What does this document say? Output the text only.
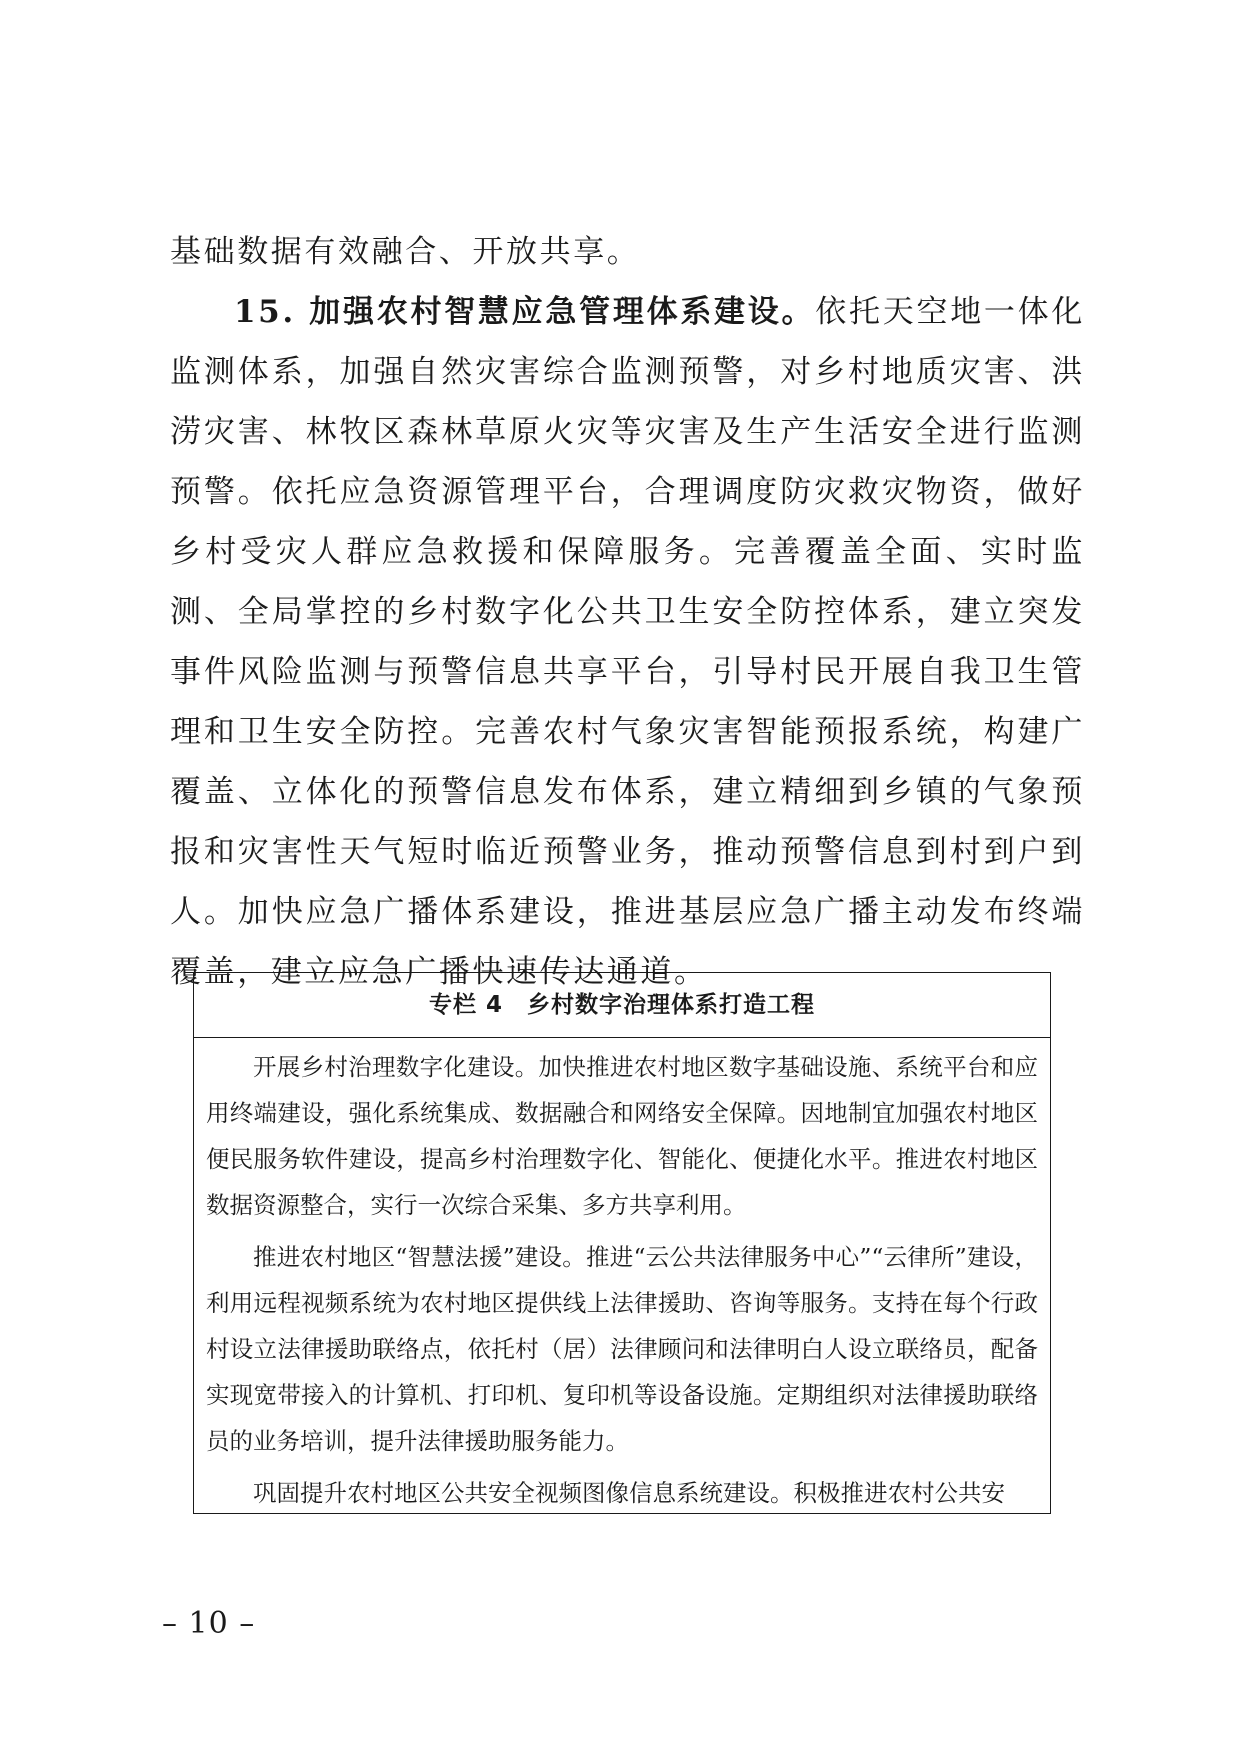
基础数据有效融合、开放共享。

15. 加强农村智慧应急管理体系建设。依托天空地一体化监测体系，加强自然灾害综合监测预警，对乡村地质灾害、洪涝灾害、林牧区森林草原火灾等灾害及生产生活安全进行监测预警。依托应急资源管理平台，合理调度防灾救灾物资，做好乡村受灾人群应急救援和保障服务。完善覆盖全面、实时监测、全局掌控的乡村数字化公共卫生安全防控体系，建立突发事件风险监测与预警信息共享平台，引导村民开展自我卫生管理和卫生安全防控。完善农村气象灾害智能预报系统，构建广覆盖、立体化的预警信息发布体系，建立精细到乡镇的气象预报和灾害性天气短时临近预警业务，推动预警信息到村到户到人。加快应急广播体系建设，推进基层应急广播主动发布终端覆盖，建立应急广播快速传达通道。

专栏 4　乡村数字治理体系打造工程

开展乡村治理数字化建设。加快推进农村地区数字基础设施、系统平台和应用终端建设，强化系统集成、数据融合和网络安全保障。因地制宜加强农村地区便民服务软件建设，提高乡村治理数字化、智能化、便捷化水平。推进农村地区数据资源整合，实行一次综合采集、多方共享利用。

推进农村地区“智慧法援”建设。推进“云公共法律服务中心”“云律所”建设，利用远程视频系统为农村地区提供线上法律援助、咨询等服务。支持在每个行政村设立法律援助联络点，依托村（居）法律顾问和法律明白人设立联络员，配备实现宽带接入的计算机、打印机、复印机等设备设施。定期组织对法律援助联络员的业务培训，提升法律援助服务能力。

巩固提升农村地区公共安全视频图像信息系统建设。积极推进农村公共安

– 10 –
